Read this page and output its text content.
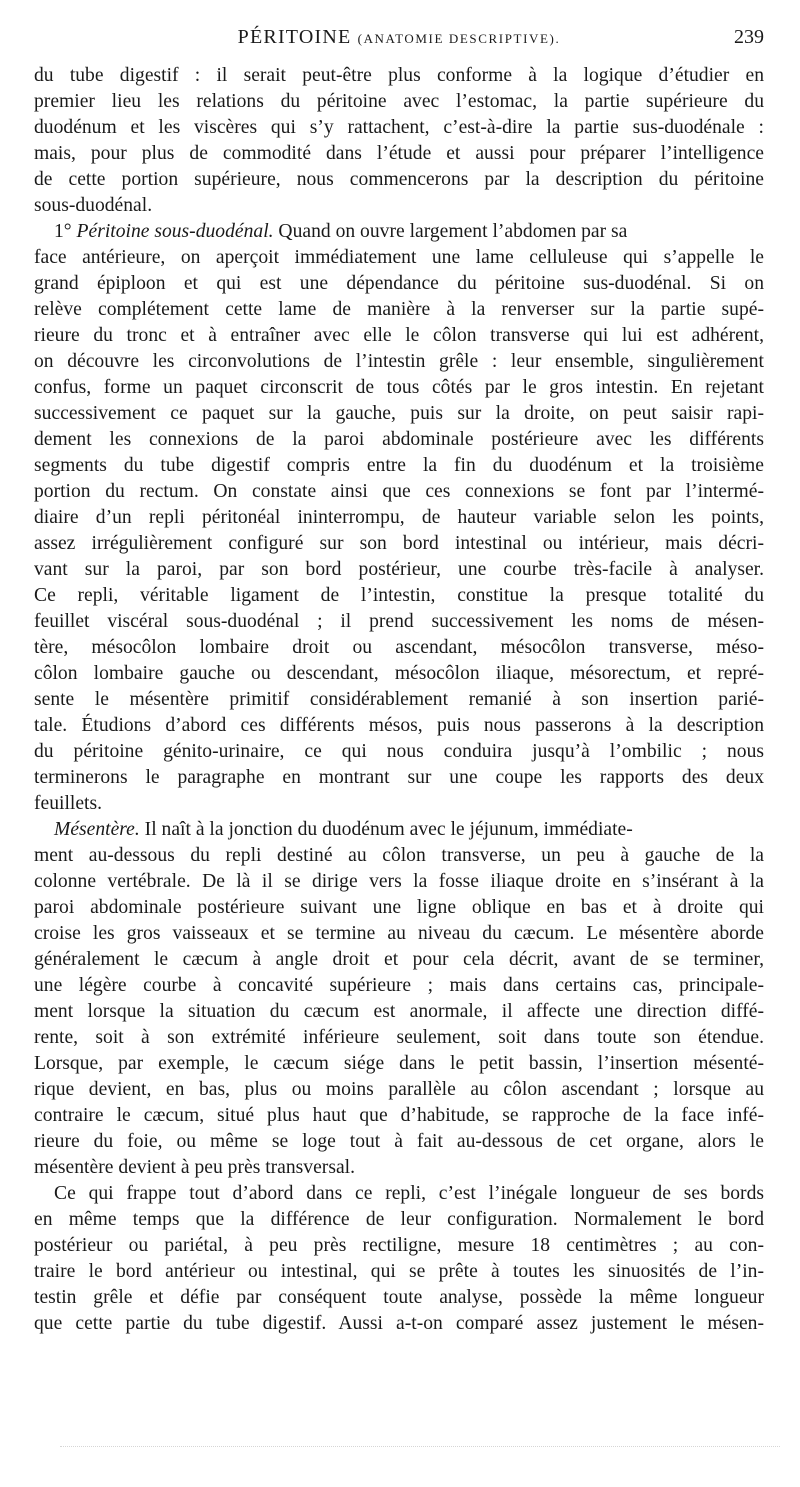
PÉRITOINE (ANATOMIE DESCRIPTIVE).	239
du tube digestif : il serait peut-être plus conforme à la logique d’étudier en
premier lieu les relations du péritoine avec l’estomac, la partie supérieure du
duodénum et les viscères qui s’y rattachent, c’est-à-dire la partie sus-duodénale :
mais, pour plus de commodité dans l’étude et aussi pour préparer l’intelligence
de cette portion supérieure, nous commencerons par la description du péritoine
sous-duodénal.
1° Péritoine sous-duodénal. Quand on ouvre largement l’abdomen par sa
face antérieure, on aperçoit immédiatement une lame celluleuse qui s’appelle le
grand épiploon et qui est une dépendance du péritoine sus-duodénal. Si on
relève complétement cette lame de manière à la renverser sur la partie supé-
rieure du tronc et à entraîner avec elle le côlon transverse qui lui est adhérent,
on découvre les circonvolutions de l’intestin grêle : leur ensemble, singulièrement
confus, forme un paquet circonscrit de tous côtés par le gros intestin. En rejetant
successivement ce paquet sur la gauche, puis sur la droite, on peut saisir rapi-
dement les connexions de la paroi abdominale postérieure avec les différents
segments du tube digestif compris entre la fin du duodénum et la troisième
portion du rectum. On constate ainsi que ces connexions se font par l’intermé-
diaire d’un repli péritonéal ininterrompu, de hauteur variable selon les points,
assez irrégulièrement configuré sur son bord intestinal ou intérieur, mais décri-
vant sur la paroi, par son bord postérieur, une courbe très-facile à analyser.
Ce repli, véritable ligament de l’intestin, constitue la presque totalité du
feuillet viscéral sous-duodénal ; il prend successivement les noms de mésen-
tère, mésocôlon lombaire droit ou ascendant, mésocôlon transverse, méso-
côlon lombaire gauche ou descendant, mésocôlon iliaque, mésorectum, et repré-
sente le mésentère primitif considérablement remanié à son insertion parié-
tale. Étudions d’abord ces différents mésos, puis nous passerons à la description
du péritoine génito-urinaire, ce qui nous conduira jusqu’à l’ombilic ; nous
terminerons le paragraphe en montrant sur une coupe les rapports des deux
feuillets.
Mésentère. Il naît à la jonction du duodénum avec le jéjunum, immédiate-
ment au-dessous du repli destiné au côlon transverse, un peu à gauche de la
colonne vertébrale. De là il se dirige vers la fosse iliaque droite en s’insérant à la
paroi abdominale postérieure suivant une ligne oblique en bas et à droite qui
croise les gros vaisseaux et se termine au niveau du cæcum. Le mésentère aborde
généralement le cæcum à angle droit et pour cela décrit, avant de se terminer,
une légère courbe à concavité supérieure ; mais dans certains cas, principale-
ment lorsque la situation du cæcum est anormale, il affecte une direction diffé-
rente, soit à son extrémité inférieure seulement, soit dans toute son étendue.
Lorsque, par exemple, le cæcum siége dans le petit bassin, l’insertion mésenté-
rique devient, en bas, plus ou moins parallèle au côlon ascendant ; lorsque au
contraire le cæcum, situé plus haut que d’habitude, se rapproche de la face infé-
rieure du foie, ou même se loge tout à fait au-dessous de cet organe, alors le
mésentère devient à peu près transversal.
Ce qui frappe tout d’abord dans ce repli, c’est l’inégale longueur de ses bords
en même temps que la différence de leur configuration. Normalement le bord
postérieur ou pariétal, à peu près rectiligne, mesure 18 centimètres ; au con-
traire le bord antérieur ou intestinal, qui se prête à toutes les sinuosités de l’in-
testin grêle et défie par conséquent toute analyse, possède la même longueur
que cette partie du tube digestif. Aussi a-t-on comparé assez justement le mésen-
